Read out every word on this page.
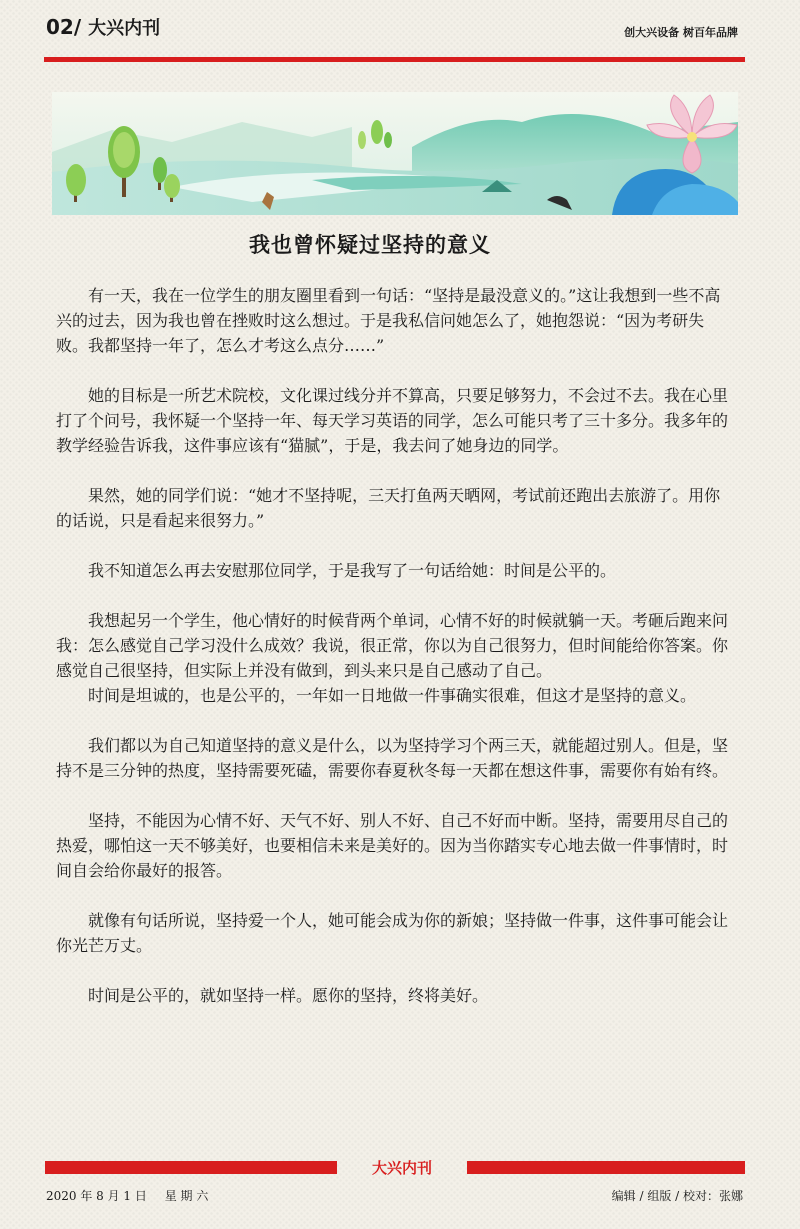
02/ 大兴内刊	创大兴设备 树百年品牌
我也曾怀疑过坚持的意义

有一天，我在一位学生的朋友圈里看到一句话：“坚持是最没意义的。”这让我想到一些不高兴的过去，因为我也曾在挫败时这么想过。于是我私信问她怎么了，她抱怨说：“因为考研失败。我都坚持一年了，怎么才考这么点分……”

她的目标是一所艺术院校，文化课过线分并不算高，只要足够努力，不会过不去。我在心里打了个问号，我怀疑一个坚持一年、每天学习英语的同学，怎么可能只考了三十多分。我多年的教学经验告诉我，这件事应该有“猫腻”，于是，我去问了她身边的同学。

果然，她的同学们说：“她才不坚持呢，三天打鱼两天晒网，考试前还跑出去旅游了。用你的话说，只是看起来很努力。”

我不知道怎么再去安慰那位同学，于是我写了一句话给她：时间是公平的。

我想起另一个学生，他心情好的时候背两个单词，心情不好的时候就躺一天。考砸后跑来问我：怎么感觉自己学习没什么成效？我说，很正常，你以为自己很努力，但时间能给你答案。你感觉自己很坚持，但实际上并没有做到，到头来只是自己感动了自己。

时间是坦诚的，也是公平的，一年如一日地做一件事确实很难，但这才是坚持的意义。

我们都以为自己知道坚持的意义是什么，以为坚持学习个两三天，就能超过别人。但是，坚持不是三分钟的热度，坚持需要死磕，需要你春夏秋冬每一天都在想这件事，需要你有始有终。

坚持，不能因为心情不好、天气不好、别人不好、自己不好而中断。坚持，需要用尽自己的热爱，哪怕这一天不够美好，也要相信未来是美好的。因为当你踏实专心地去做一件事情时，时间自会给你最好的报答。

就像有句话所说，坚持爱一个人，她可能会成为你的新娘；坚持做一件事，这件事可能会让你光芒万丈。

时间是公平的，就如坚持一样。愿你的坚持，终将美好。

大兴内刊
2020 年 8 月 1 日 星 期 六	编辑 / 组版 / 校对：张娜
